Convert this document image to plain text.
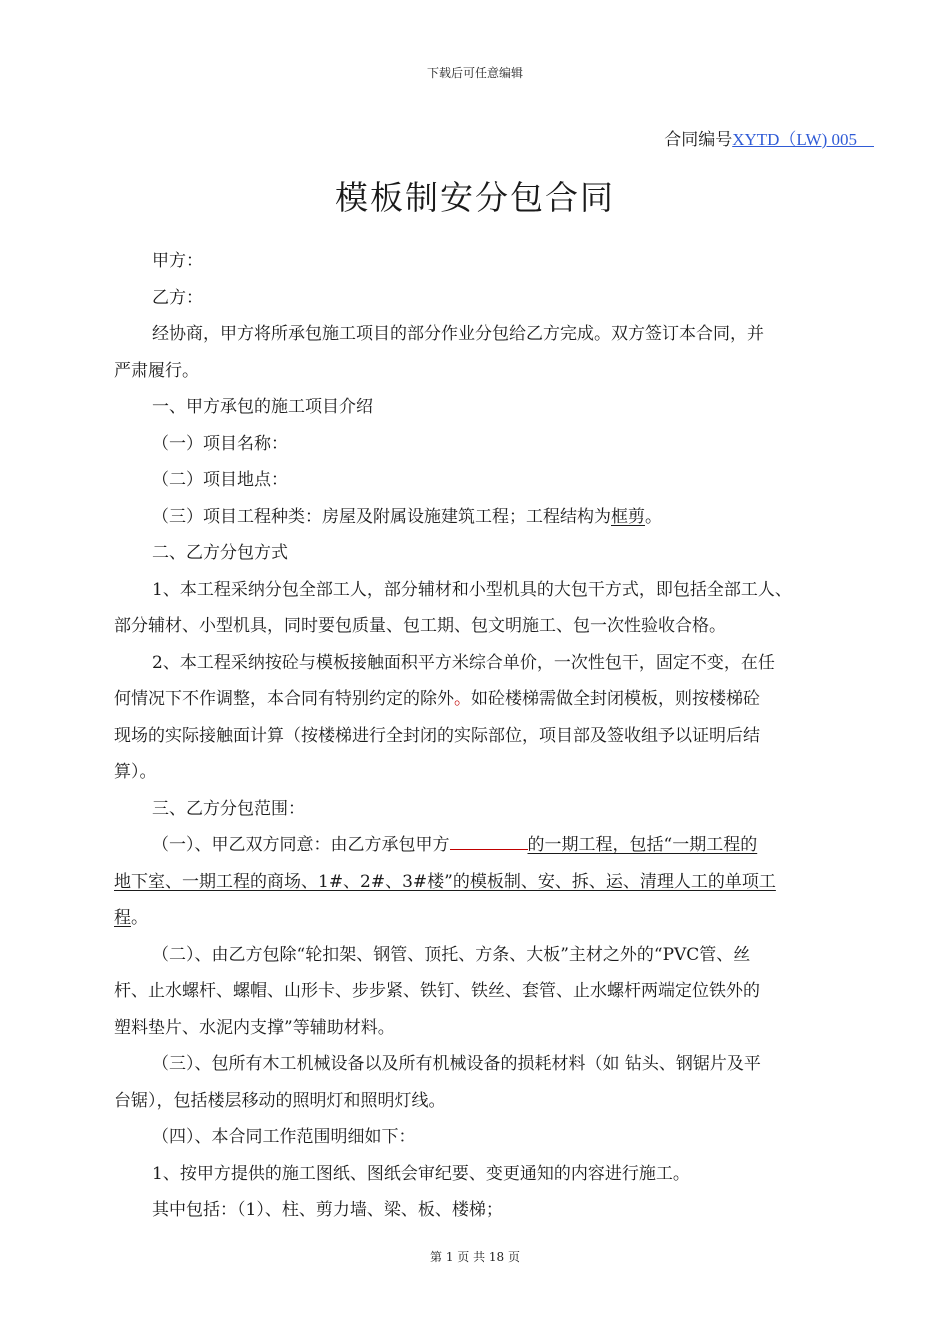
下载后可任意编辑
合同编号XYTD（LW) 005　
模板制安分包合同

甲方：

乙方：

经协商，甲方将所承包施工项目的部分作业分包给乙方完成。双方签订本合同，并

严肃履行。

一、甲方承包的施工项目介绍

（一）项目名称：

（二）项目地点：

（三）项目工程种类：房屋及附属设施建筑工程；工程结构为框剪。

二、乙方分包方式

1、本工程采纳分包全部工人，部分辅材和小型机具的大包干方式，即包括全部工人、

部分辅材、小型机具，同时要包质量、包工期、包文明施工、包一次性验收合格。

2、本工程采纳按砼与模板接触面积平方米综合单价，一次性包干，固定不变，在任

何情况下不作调整，本合同有特别约定的除外。如砼楼梯需做全封闭模板，则按楼梯砼

现场的实际接触面计算（按楼梯进行全封闭的实际部位，项目部及签收组予以证明后结

算）。

三、乙方分包范围：

（一）、甲乙双方同意：由乙方承包甲方	的一期工程，包括“一期工程的

地下室、一期工程的商场、1#、2#、3#楼”的模板制、安、拆、运、清理人工的单项工

程。

（二）、由乙方包除“轮扣架、钢管、顶托、方条、大板”主材之外的“PVC管、丝

杆、止水螺杆、螺帽、山形卡、步步紧、铁钉、铁丝、套管、止水螺杆两端定位铁外的

塑料垫片、水泥内支撑”等辅助材料。

（三）、包所有木工机械设备以及所有机械设备的损耗材料（如 钻头、钢锯片及平

台锯），包括楼层移动的照明灯和照明灯线。

（四）、本合同工作范围明细如下：

1、按甲方提供的施工图纸、图纸会审纪要、变更通知的内容进行施工。

其中包括：（1）、柱、剪力墙、梁、板、楼梯；

第 1 页 共 18 页
